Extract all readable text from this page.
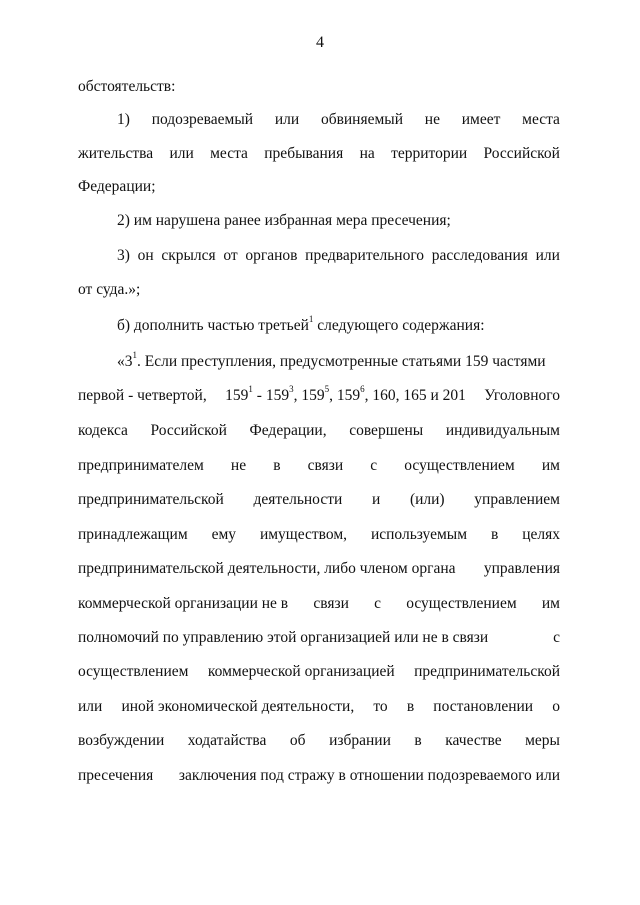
4
обстоятельств:
1) подозреваемый или обвиняемый не имеет места
жительства или места пребывания на территории Российской
Федерации;
2) им нарушена ранее избранная мера пресечения;
3) он скрылся от органов предварительного расследования или
от суда.»;
б) дополнить частью третьей$^1$ следующего содержания:
«$3^1$. Если преступления, предусмотренные статьями 159 частями
первой - четвертой, $159^1 - 159^3$, $159^5$, $159^6$, 160, 165 и 201 Уголовного
кодекса Российской Федерации, совершены индивидуальным
предпринимателем не в связи с осуществлением им
предпринимательской деятельности и (или) управлением
принадлежащим ему имуществом, используемым в целях
предпринимательской деятельности, либо членом органа управления
коммерческой организации не в связи с осуществлением им
полномочий по управлению этой организацией или не в связи	с
осуществлением коммерческой организацией предпринимательской
или иной экономической деятельности, то в постановлении о
возбуждении ходатайства об избрании в качестве меры
пресечения заключения под стражу в отношении подозреваемого или
